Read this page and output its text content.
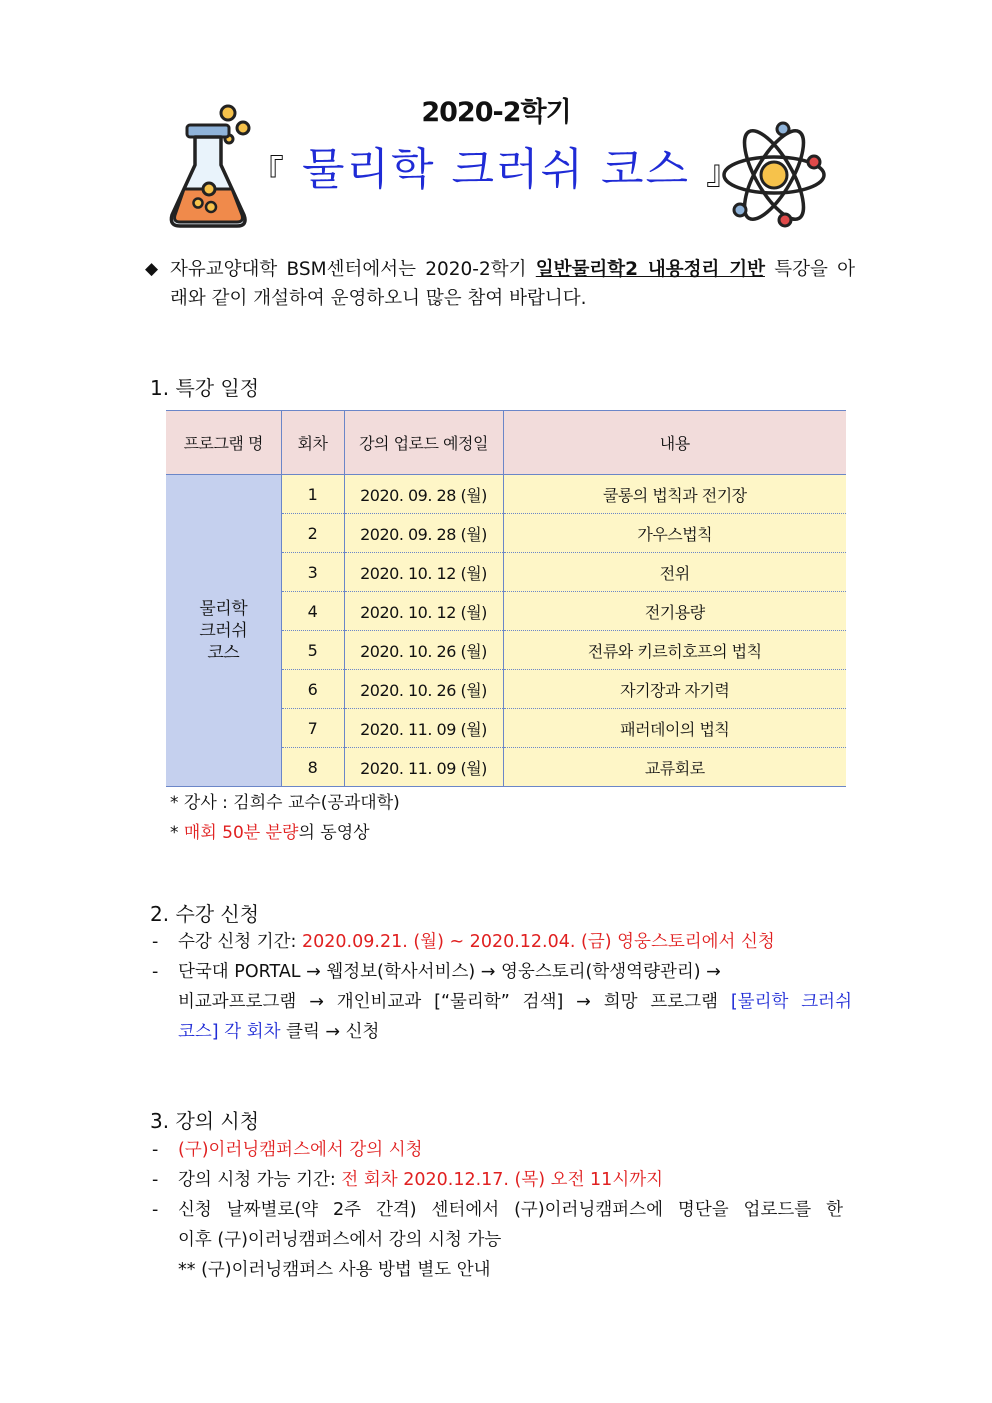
2020-2학기
『 물리학 크러쉬 코스 』
◆ 자유교양대학 BSM센터에서는 2020-2학기 일반물리학2 내용정리 기반 특강을 아
래와 같이 개설하여 운영하오니 많은 참여 바랍니다.
1. 특강 일정
프로그램 명	회차	강의 업로드 예정일	내용

물리학
크러쉬
코스	1	2020. 09. 28 (월)	쿨롱의 법칙과 전기장
	2	2020. 09. 28 (월)	가우스법칙
	3	2020. 10. 12 (월)	전위
	4	2020. 10. 12 (월)	전기용량
	5	2020. 10. 26 (월)	전류와 키르히호프의 법칙
	6	2020. 10. 26 (월)	자기장과 자기력
	7	2020. 11. 09 (월)	패러데이의 법칙
	8	2020. 11. 09 (월)	교류회로
* 강사 : 김희수 교수(공과대학)
* 매회 50분 분량의 동영상
2. 수강 신청
- 수강 신청 기간: 2020.09.21. (월) ~ 2020.12.04. (금) 영웅스토리에서 신청
- 단국대 PORTAL → 웹정보(학사서비스) → 영웅스토리(학생역량관리) →
비교과프로그램 → 개인비교과 [“물리학” 검색] → 희망 프로그램 [물리학 크러쉬
코스] 각 회차 클릭 → 신청
3. 강의 시청
- (구)이러닝캠퍼스에서 강의 시청
- 강의 시청 가능 기간: 전 회차 2020.12.17. (목) 오전 11시까지
- 신청 날짜별로(약 2주 간격) 센터에서 (구)이러닝캠퍼스에 명단을 업로드를 한
이후 (구)이러닝캠퍼스에서 강의 시청 가능
** (구)이러닝캠퍼스 사용 방법 별도 안내
